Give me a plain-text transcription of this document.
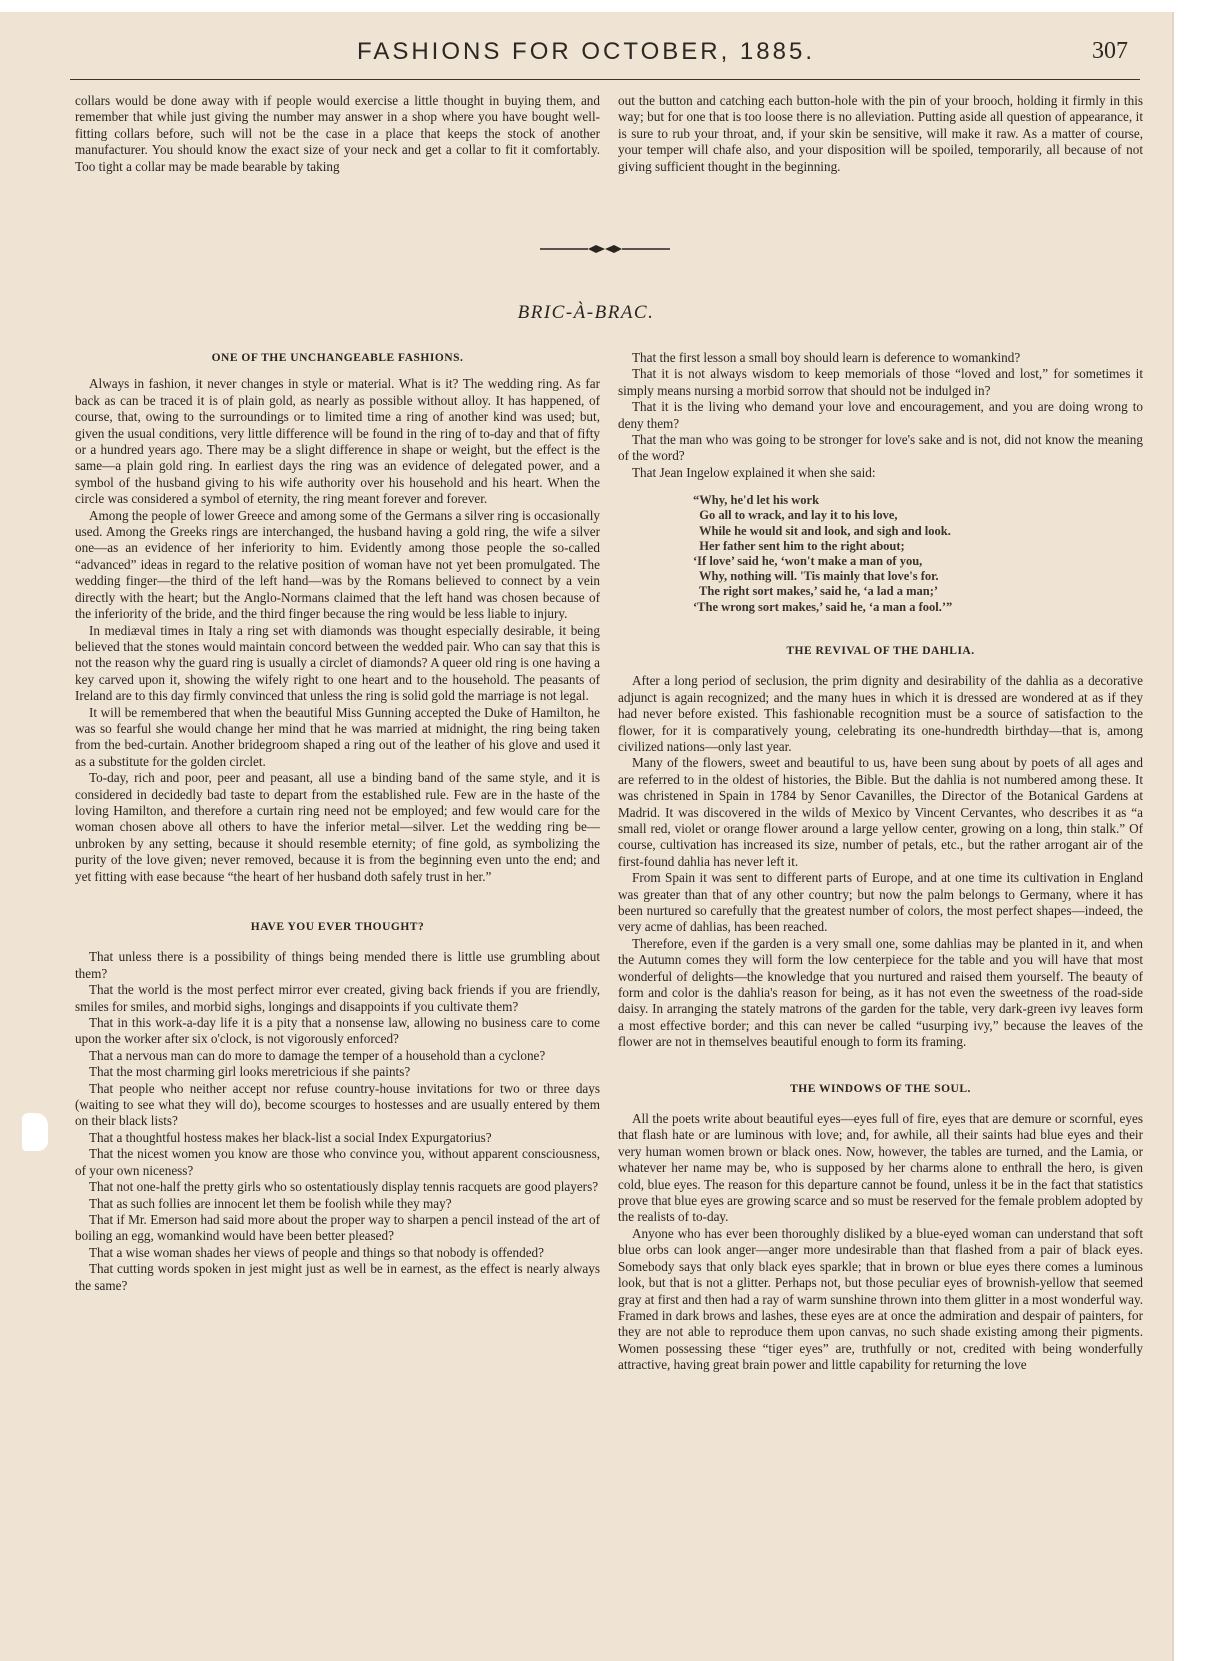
FASHIONS FOR OCTOBER, 1885.	307

collars would be done away with if people would exercise a little thought in buying them, and remember that while just giving the number may answer in a shop where you have bought well-fitting collars before, such will not be the case in a place that keeps the stock of another manufacturer. You should know the exact size of your neck and get a collar to fit it comfortably. Too tight a collar may be made bearable by taking

out the button and catching each button-hole with the pin of your brooch, holding it firmly in this way; but for one that is too loose there is no alleviation. Putting aside all question of appearance, it is sure to rub your throat, and, if your skin be sensitive, will make it raw. As a matter of course, your temper will chafe also, and your disposition will be spoiled, temporarily, all because of not giving sufficient thought in the beginning.

BRIC-À-BRAC.

ONE OF THE UNCHANGEABLE FASHIONS.

Always in fashion, it never changes in style or material. What is it? The wedding ring. As far back as can be traced it is of plain gold, as nearly as possible without alloy. It has happened, of course, that, owing to the surroundings or to limited time a ring of another kind was used; but, given the usual conditions, very little difference will be found in the ring of to-day and that of fifty or a hundred years ago. There may be a slight difference in shape or weight, but the effect is the same—a plain gold ring. In earliest days the ring was an evidence of delegated power, and a symbol of the husband giving to his wife authority over his household and his heart. When the circle was considered a symbol of eternity, the ring meant forever and forever.

Among the people of lower Greece and among some of the Germans a silver ring is occasionally used. Among the Greeks rings are interchanged, the husband having a gold ring, the wife a silver one—as an evidence of her inferiority to him. Evidently among those people the so-called “advanced” ideas in regard to the relative position of woman have not yet been promulgated. The wedding finger—the third of the left hand—was by the Romans believed to connect by a vein directly with the heart; but the Anglo-Normans claimed that the left hand was chosen because of the inferiority of the bride, and the third finger because the ring would be less liable to injury.

In mediæval times in Italy a ring set with diamonds was thought especially desirable, it being believed that the stones would maintain concord between the wedded pair. Who can say that this is not the reason why the guard ring is usually a circlet of diamonds? A queer old ring is one having a key carved upon it, showing the wifely right to one heart and to the household. The peasants of Ireland are to this day firmly convinced that unless the ring is solid gold the marriage is not legal.

It will be remembered that when the beautiful Miss Gunning accepted the Duke of Hamilton, he was so fearful she would change her mind that he was married at midnight, the ring being taken from the bed-curtain. Another bridegroom shaped a ring out of the leather of his glove and used it as a substitute for the golden circlet.

To-day, rich and poor, peer and peasant, all use a binding band of the same style, and it is considered in decidedly bad taste to depart from the established rule. Few are in the haste of the loving Hamilton, and therefore a curtain ring need not be employed; and few would care for the woman chosen above all others to have the inferior metal—silver. Let the wedding ring be—unbroken by any setting, because it should resemble eternity; of fine gold, as symbolizing the purity of the love given; never removed, because it is from the beginning even unto the end; and yet fitting with ease because “the heart of her husband doth safely trust in her.”

HAVE YOU EVER THOUGHT?

That unless there is a possibility of things being mended there is little use grumbling about them?

That the world is the most perfect mirror ever created, giving back friends if you are friendly, smiles for smiles, and morbid sighs, longings and disappoints if you cultivate them?

That in this work-a-day life it is a pity that a nonsense law, allowing no business care to come upon the worker after six o'clock, is not vigorously enforced?

That a nervous man can do more to damage the temper of a household than a cyclone?

That the most charming girl looks meretricious if she paints?

That people who neither accept nor refuse country-house invitations for two or three days (waiting to see what they will do), become scourges to hostesses and are usually entered by them on their black lists?

That a thoughtful hostess makes her black-list a social Index Expurgatorius?

That the nicest women you know are those who convince you, without apparent consciousness, of your own niceness?

That not one-half the pretty girls who so ostentatiously display tennis racquets are good players?

That as such follies are innocent let them be foolish while they may?

That if Mr. Emerson had said more about the proper way to sharpen a pencil instead of the art of boiling an egg, womankind would have been better pleased?

That a wise woman shades her views of people and things so that nobody is offended?

That cutting words spoken in jest might just as well be in earnest, as the effect is nearly always the same?

That the first lesson a small boy should learn is deference to womankind?

That it is not always wisdom to keep memorials of those “loved and lost,” for sometimes it simply means nursing a morbid sorrow that should not be indulged in?

That it is the living who demand your love and encouragement, and you are doing wrong to deny them?

That the man who was going to be stronger for love's sake and is not, did not know the meaning of the word?

That Jean Ingelow explained it when she said:

“Why, he'd let his work
Go all to wrack, and lay it to his love,
While he would sit and look, and sigh and look.
Her father sent him to the right about;
‘If love’ said he, ‘won't make a man of you,
Why, nothing will. 'Tis mainly that love's for.
The right sort makes,’ said he, ‘a lad a man;’
‘The wrong sort makes,’ said he, ‘a man a fool.’”

THE REVIVAL OF THE DAHLIA.

After a long period of seclusion, the prim dignity and desirability of the dahlia as a decorative adjunct is again recognized; and the many hues in which it is dressed are wondered at as if they had never before existed. This fashionable recognition must be a source of satisfaction to the flower, for it is comparatively young, celebrating its one-hundredth birthday—that is, among civilized nations—only last year.

Many of the flowers, sweet and beautiful to us, have been sung about by poets of all ages and are referred to in the oldest of histories, the Bible. But the dahlia is not numbered among these. It was christened in Spain in 1784 by Senor Cavanilles, the Director of the Botanical Gardens at Madrid. It was discovered in the wilds of Mexico by Vincent Cervantes, who describes it as “a small red, violet or orange flower around a large yellow center, growing on a long, thin stalk.” Of course, cultivation has increased its size, number of petals, etc., but the rather arrogant air of the first-found dahlia has never left it.

From Spain it was sent to different parts of Europe, and at one time its cultivation in England was greater than that of any other country; but now the palm belongs to Germany, where it has been nurtured so carefully that the greatest number of colors, the most perfect shapes—indeed, the very acme of dahlias, has been reached.

Therefore, even if the garden is a very small one, some dahlias may be planted in it, and when the Autumn comes they will form the low centerpiece for the table and you will have that most wonderful of delights—the knowledge that you nurtured and raised them yourself. The beauty of form and color is the dahlia's reason for being, as it has not even the sweetness of the road-side daisy. In arranging the stately matrons of the garden for the table, very dark-green ivy leaves form a most effective border; and this can never be called “usurping ivy,” because the leaves of the flower are not in themselves beautiful enough to form its framing.

THE WINDOWS OF THE SOUL.

All the poets write about beautiful eyes—eyes full of fire, eyes that are demure or scornful, eyes that flash hate or are luminous with love; and, for awhile, all their saints had blue eyes and their very human women brown or black ones. Now, however, the tables are turned, and the Lamia, or whatever her name may be, who is supposed by her charms alone to enthrall the hero, is given cold, blue eyes. The reason for this departure cannot be found, unless it be in the fact that statistics prove that blue eyes are growing scarce and so must be reserved for the female problem adopted by the realists of to-day.

Anyone who has ever been thoroughly disliked by a blue-eyed woman can understand that soft blue orbs can look anger—anger more undesirable than that flashed from a pair of black eyes. Somebody says that only black eyes sparkle; that in brown or blue eyes there comes a luminous look, but that is not a glitter. Perhaps not, but those peculiar eyes of brownish-yellow that seemed gray at first and then had a ray of warm sunshine thrown into them glitter in a most wonderful way. Framed in dark brows and lashes, these eyes are at once the admiration and despair of painters, for they are not able to reproduce them upon canvas, no such shade existing among their pigments. Women possessing these “tiger eyes” are, truthfully or not, credited with being wonderfully attractive, having great brain power and little capability for returning the love
